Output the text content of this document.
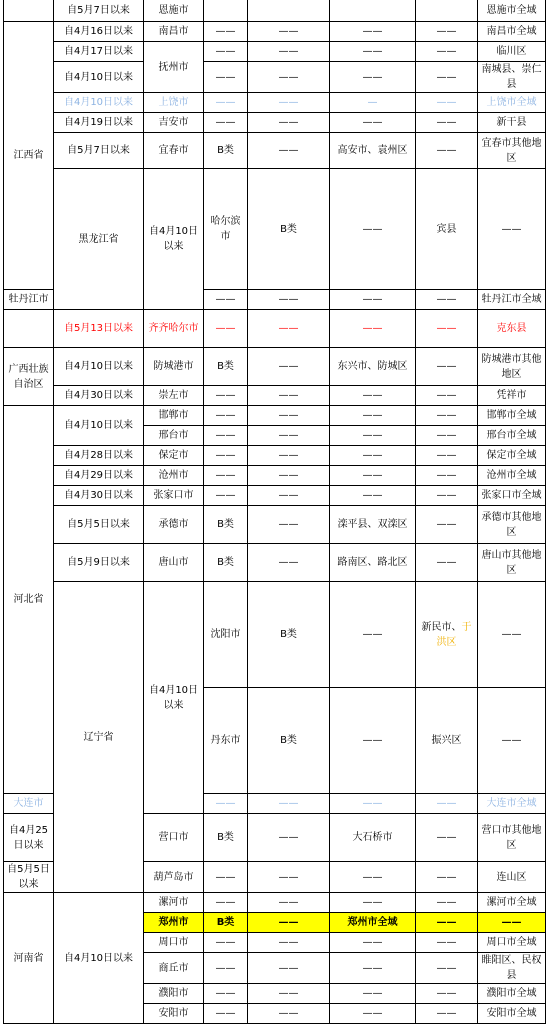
	自5月7日以来	恩施市					恩施市全域	
江西省	自4月16日以来	南昌市	——	——	——	——	南昌市全域	
	自4月17日以来	抚州市	——	——	——	——	临川区	
	自4月10日以来		——	——	——	——	南城县、崇仁县	
	自4月10日以来	上饶市	——	——	—	——	上饶市全域	
	自4月19日以来	吉安市	——	——	——	——	新干县	
	自5月7日以来	宜春市	B类	——	高安市、袁州区	——	宜春市其他地区	
	黑龙江省	自4月10日以来	哈尔滨市	B类	——	宾县	——	
牡丹江市			——	——	——	——	牡丹江市全域	
	自5月13日以来	齐齐哈尔市	——	——	——	——	克东县	
广西壮族自治区	自4月10日以来	防城港市	B类	——	东兴市、防城区	——	防城港市其他地区	
	自4月30日以来	崇左市	——	——	——	——	凭祥市	
河北省	自4月10日以来	邯郸市	——	——	——	——	邯郸市全域	
		邢台市	——	——	——	——	邢台市全域	
	自4月28日以来	保定市	——	——	——	——	保定市全域	
	自4月29日以来	沧州市	——	——	——	——	沧州市全域	
	自4月30日以来	张家口市	——	——	——	——	张家口市全域	
	自5月5日以来	承德市	B类	——	滦平县、双滦区	——	承德市其他地区	
	自5月9日以来	唐山市	B类	——	路南区、路北区	——	唐山市其他地区	
	辽宁省	自4月10日以来	沈阳市	B类	——	新民市、于洪区	——	
			丹东市	B类	——	振兴区	——	
大连市			——	——	——	——	大连市全域	
自4月25日以来		营口市	B类	——	大石桥市	——	营口市其他地区	
自5月5日以来		葫芦岛市	——	——	——	——	连山区	
河南省	自4月10日以来	漯河市	——	——	——	——	漯河市全域	
		郑州市	B类	——	郑州市全域	——	——	
		周口市	——	——	——	——	周口市全域	
		商丘市	——	——	——	——	睢阳区、民权县	
		濮阳市	——	——	——	——	濮阳市全域	
		安阳市	——	——	——	——	安阳市全域	
